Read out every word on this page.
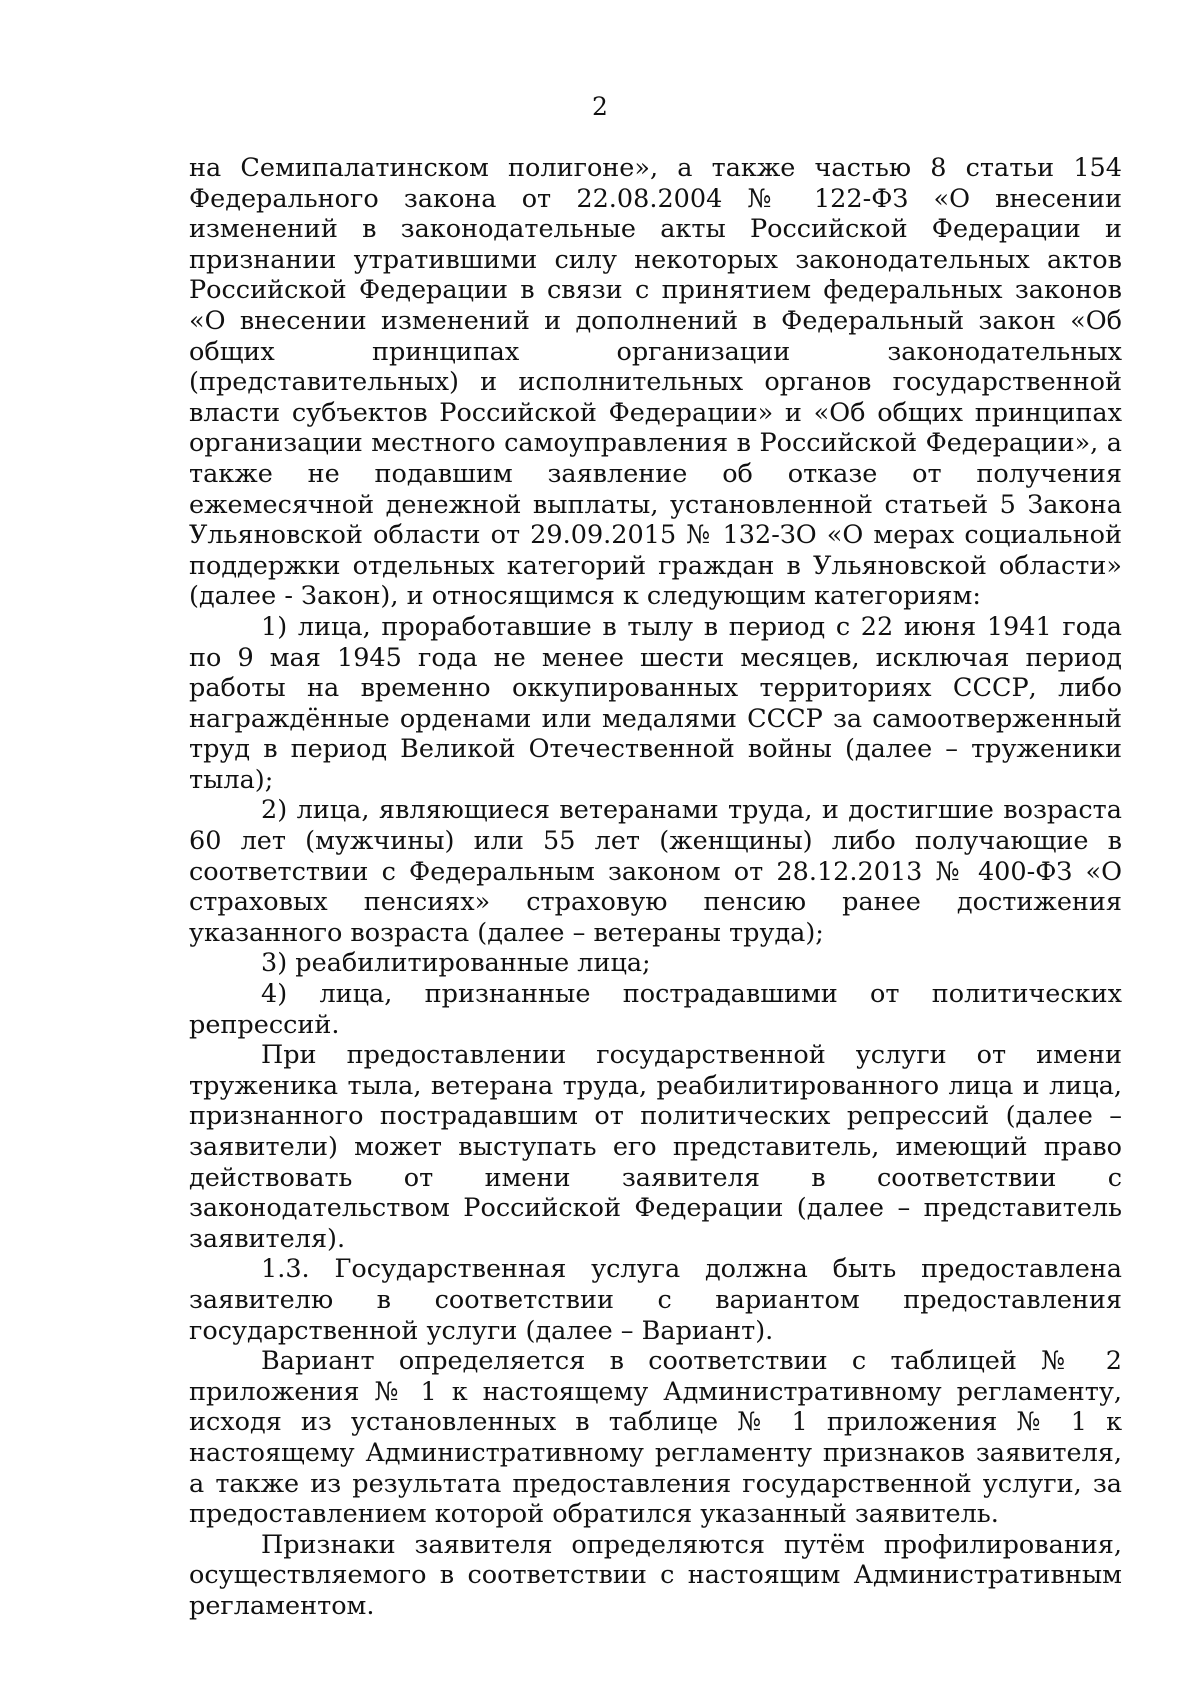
2

на Семипалатинском полигоне», а также частью 8 статьи 154 Федерального закона от 22.08.2004 № 122-ФЗ «О внесении изменений в законодательные акты Российской Федерации и признании утратившими силу некоторых законодательных актов Российской Федерации в связи с принятием федеральных законов «О внесении изменений и дополнений в Федеральный закон «Об общих принципах организации законодательных (представительных) и исполнительных органов государственной власти субъектов Российской Федерации» и «Об общих принципах организации местного самоуправления в Российской Федерации», а также не подавшим заявление об отказе от получения ежемесячной денежной выплаты, установленной статьей 5 Закона Ульяновской области от 29.09.2015 № 132-ЗО «О мерах социальной поддержки отдельных категорий граждан в Ульяновской области» (далее - Закон), и относящимся к следующим категориям:

1) лица, проработавшие в тылу в период с 22 июня 1941 года по 9 мая 1945 года не менее шести месяцев, исключая период работы на временно оккупированных территориях СССР, либо награждённые орденами или медалями СССР за самоотверженный труд в период Великой Отечественной войны (далее – труженики тыла);

2) лица, являющиеся ветеранами труда, и достигшие возраста 60 лет (мужчины) или 55 лет (женщины) либо получающие в соответствии с Федеральным законом от 28.12.2013 № 400-ФЗ «О страховых пенсиях» страховую пенсию ранее достижения указанного возраста (далее – ветераны труда);

3) реабилитированные лица;

4) лица, признанные пострадавшими от политических репрессий.

При предоставлении государственной услуги от имени труженика тыла, ветерана труда, реабилитированного лица и лица, признанного пострадавшим от политических репрессий (далее – заявители) может выступать его представитель, имеющий право действовать от имени заявителя в соответствии с законодательством Российской Федерации (далее – представитель заявителя).

1.3. Государственная услуга должна быть предоставлена заявителю в соответствии с вариантом предоставления государственной услуги (далее – Вариант).

Вариант определяется в соответствии с таблицей № 2 приложения № 1 к настоящему Административному регламенту, исходя из установленных в таблице № 1 приложения № 1 к настоящему Административному регламенту признаков заявителя, а также из результата предоставления государственной услуги, за предоставлением которой обратился указанный заявитель.

Признаки заявителя определяются путём профилирования, осуществляемого в соответствии с настоящим Административным регламентом.
